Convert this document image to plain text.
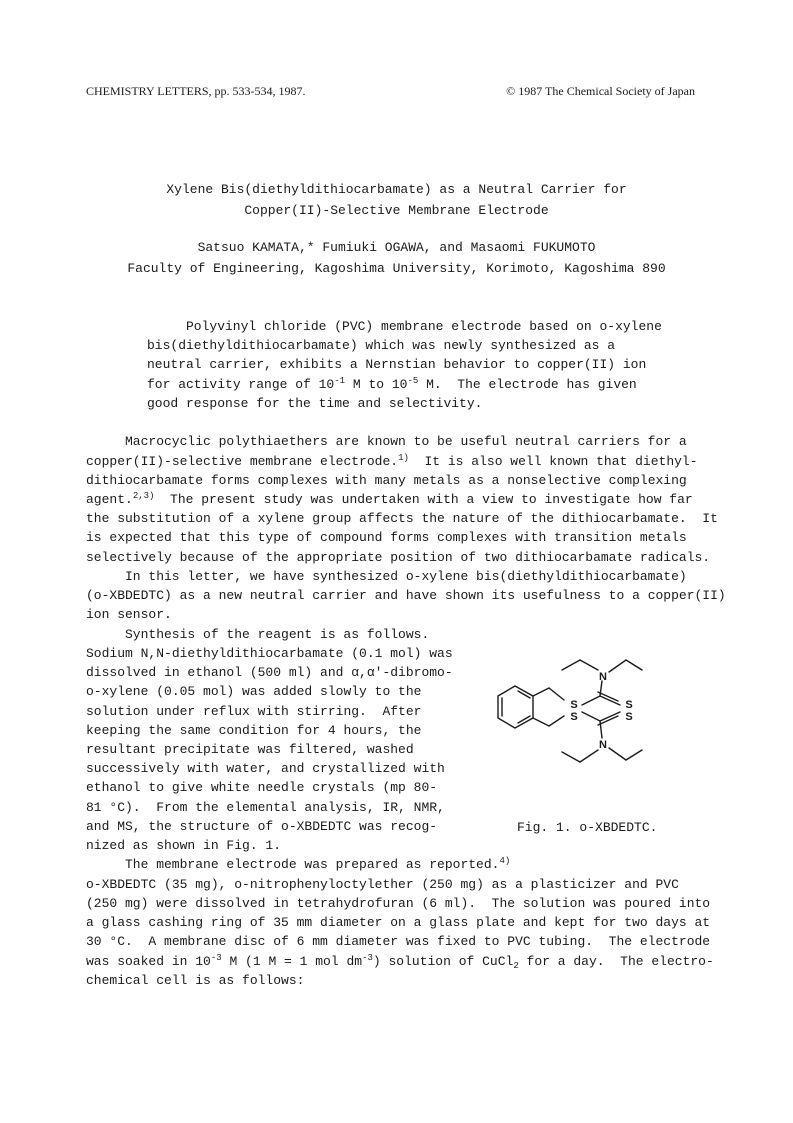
CHEMISTRY LETTERS, pp. 533-534, 1987.	© 1987 The Chemical Society of Japan
Xylene Bis(diethyldithiocarbamate) as a Neutral Carrier for
Copper(II)-Selective Membrane Electrode
Satsuo KAMATA,* Fumiuki OGAWA, and Masaomi FUKUMOTO
Faculty of Engineering, Kagoshima University, Korimoto, Kagoshima 890
Polyvinyl chloride (PVC) membrane electrode based on o-xylene
bis(diethyldithiocarbamate) which was newly synthesized as a
neutral carrier, exhibits a Nernstian behavior to copper(II) ion
for activity range of $10^{-1}$ M to $10^{-5}$ M.  The electrode has given
good response for the time and selectivity.
Macrocyclic polythiaethers are known to be useful neutral carriers for a
copper(II)-selective membrane electrode.$^{1)}$  It is also well known that diethyl-
dithiocarbamate forms complexes with many metals as a nonselective complexing
agent.$^{2,3)}$  The present study was undertaken with a view to investigate how far
the substitution of a xylene group affects the nature of the dithiocarbamate.  It
is expected that this type of compound forms complexes with transition metals
selectively because of the appropriate position of two dithiocarbamate radicals.
In this letter, we have synthesized o-xylene bis(diethyldithiocarbamate)
(o-XBDEDTC) as a new neutral carrier and have shown its usefulness to a copper(II)
ion sensor.
Synthesis of the reagent is as follows.
Sodium N,N-diethyldithiocarbamate (0.1 mol) was
dissolved in ethanol (500 ml) and α,α'-dibromo-
o-xylene (0.05 mol) was added slowly to the
solution under reflux with stirring.  After
keeping the same condition for 4 hours, the
resultant precipitate was filtered, washed
successively with water, and crystallized with
ethanol to give white needle crystals (mp 80-
81 °C).  From the elemental analysis, IR, NMR,
and MS, the structure of o-XBDEDTC was recog-
nized as shown in Fig. 1.
The membrane electrode was prepared as reported.$^{4)}$
o-XBDEDTC (35 mg), o-nitrophenyloctylether (250 mg) as a plasticizer and PVC
(250 mg) were dissolved in tetrahydrofuran (6 ml).  The solution was poured into
a glass cashing ring of 35 mm diameter on a glass plate and kept for two days at
30 °C.  A membrane disc of 6 mm diameter was fixed to PVC tubing.  The electrode
was soaked in $10^{-3}$ M (1 M = 1 mol $dm^{-3}$) solution of CuCl$_2$ for a day.  The electro-
chemical cell is as follows:
N
S	S
S	S
N
Fig. 1. o-XBDEDTC.
